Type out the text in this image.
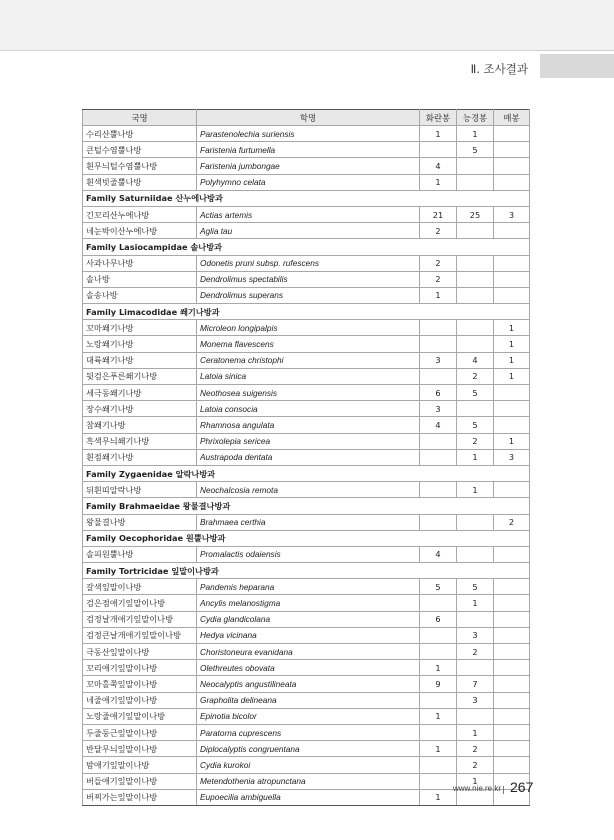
Ⅱ. 조사결과
국명	학명	화란봉	능경봉	매봉
수리산뿔나방	Parastenolechia suriensis	1	1	
큰털수염뿔나방	Faristenia furtumella		5	
흰무늬털수염뿔나방	Faristenia jumbongae	4		
흰색빗줄뿔나방	Polyhymno celata	1		
Family Saturniidae 산누에나방과				
긴꼬리산누에나방	Actias artemis	21	25	3
네눈박이산누에나방	Aglia tau	2		
Family Lasiocampidae 솔나방과				
사과나무나방	Odonetis pruni subsp. rufescens	2		
솔나방	Dendrolimus spectabilis	2		
솔송나방	Dendrolimus superans	1		
Family Limacodidae 쐐기나방과				
꼬마쐐기나방	Microleon longipalpis			1
노랑쐐기나방	Monema flavescens			1
대륙쐐기나방	Ceratonema christophi	3	4	1
뒷검은푸른쐐기나방	Latoia sinica		2	1
세극동쐐기나방	Neothosea suigensis	6	5	
장수쐐기나방	Latoia consocia	3		
참쐐기나방	Rhamnosa angulata	4	5	
흑색무늬쐐기나방	Phrixolepia sericea		2	1
흰점쐐기나방	Austrapoda dentata		1	3
Family Zygaenidae 알락나방과				
뒤흰띠알락나방	Neochalcosia remota		1	
Family Brahmaeidae 왕물결나방과				
왕물결나방	Brahmaea certhia			2
Family Oecophoridae 원뿔나방과				
솔피원뿔나방	Promalactis odaiensis	4		
Family Tortricidae 잎말이나방과				
갈색잎말이나방	Pandemis heparana	5	5	
검은점애기잎말이나방	Ancylis melanostigma		1	
검정날개애기잎말이나방	Cydia glandicolana	6		
검정큰날개애기잎말이나방	Hedya vicinana		3	
극동산잎말이나방	Choristoneura evanidana		2	
꼬리애기잎말이나방	Olethreutes obovata	1		
꼬마홀쭉잎말이나방	Neocalyptis angustilineata	9	7	
네줄애기잎말이나방	Grapholita delineana		3	
노랑줄애기잎말이나방	Epinotia bicolor	1		
두줄둥근잎말이나방	Paratorna cuprescens		1	
반달무늬잎말이나방	Diplocalyptis congruentana	1	2	
밤애기잎말이나방	Cydia kurokoi		2	
버들애기잎말이나방	Metendothenia atropunctana		1	
버찌가는잎말이나방	Eupoecilia ambiguella	1		
www.nie.re.kr 267
